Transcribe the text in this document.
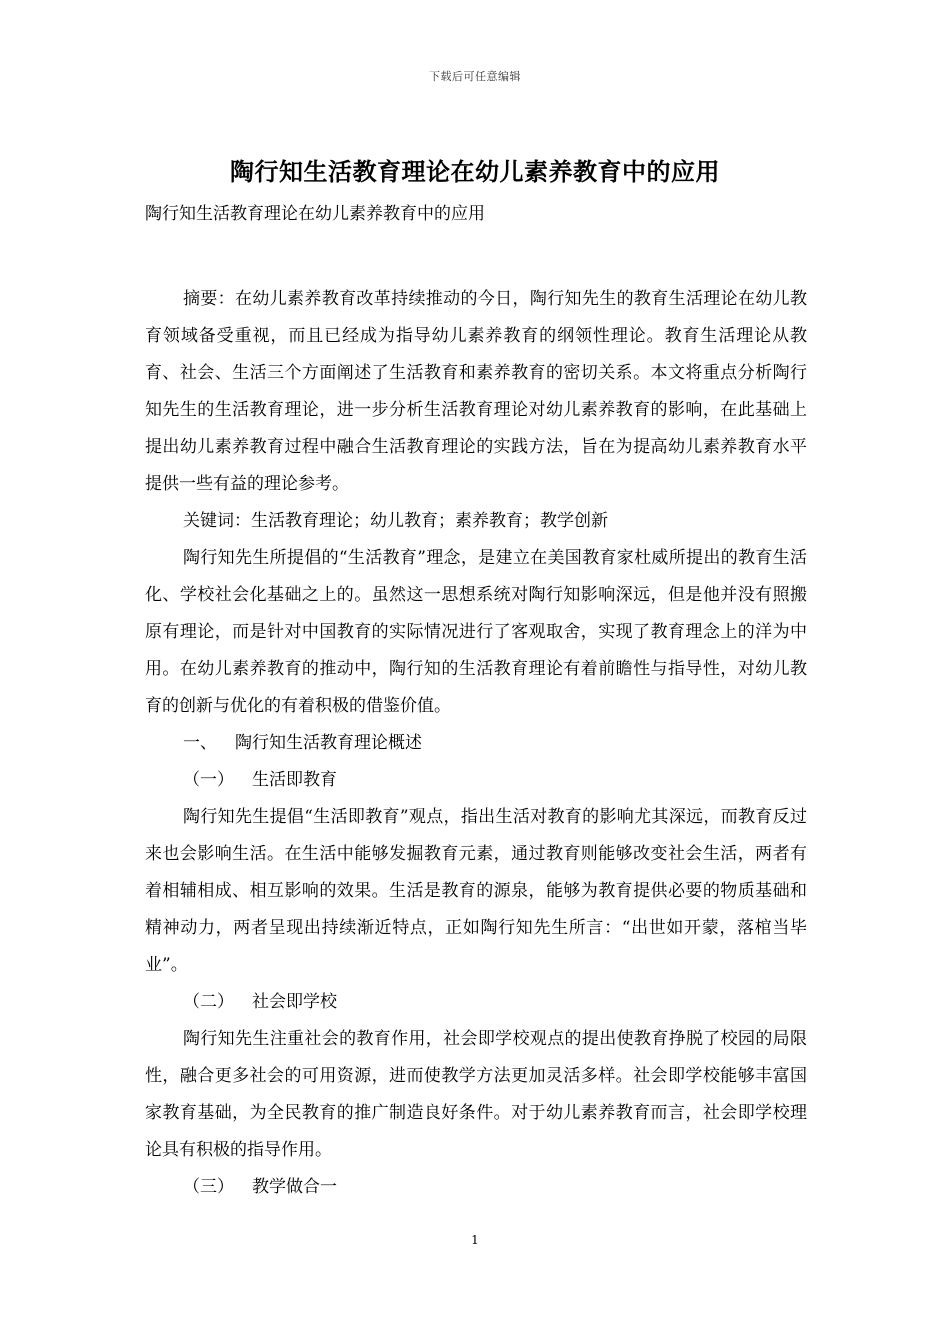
下载后可任意编辑
陶行知生活教育理论在幼儿素养教育中的应用

陶行知生活教育理论在幼儿素养教育中的应用

摘要：在幼儿素养教育改革持续推动的今日，陶行知先生的教育生活理论在幼儿教育领域备受重视，而且已经成为指导幼儿素养教育的纲领性理论。教育生活理论从教育、社会、生活三个方面阐述了生活教育和素养教育的密切关系。本文将重点分析陶行知先生的生活教育理论，进一步分析生活教育理论对幼儿素养教育的影响，在此基础上提出幼儿素养教育过程中融合生活教育理论的实践方法，旨在为提高幼儿素养教育水平提供一些有益的理论参考。

关键词：生活教育理论；幼儿教育；素养教育；教学创新

陶行知先生所提倡的“生活教育”理念，是建立在美国教育家杜威所提出的教育生活化、学校社会化基础之上的。虽然这一思想系统对陶行知影响深远，但是他并没有照搬原有理论，而是针对中国教育的实际情况进行了客观取舍，实现了教育理念上的洋为中用。在幼儿素养教育的推动中，陶行知的生活教育理论有着前瞻性与指导性，对幼儿教育的创新与优化的有着积极的借鉴价值。

一、 陶行知生活教育理论概述

（一） 生活即教育

陶行知先生提倡“生活即教育”观点，指出生活对教育的影响尤其深远，而教育反过来也会影响生活。在生活中能够发掘教育元素，通过教育则能够改变社会生活，两者有着相辅相成、相互影响的效果。生活是教育的源泉，能够为教育提供必要的物质基础和精神动力，两者呈现出持续渐近特点，正如陶行知先生所言：“出世如开蒙，落棺当毕业”。

（二） 社会即学校

陶行知先生注重社会的教育作用，社会即学校观点的提出使教育挣脱了校园的局限性，融合更多社会的可用资源，进而使教学方法更加灵活多样。社会即学校能够丰富国家教育基础，为全民教育的推广制造良好条件。对于幼儿素养教育而言，社会即学校理论具有积极的指导作用。

（三） 教学做合一

1
